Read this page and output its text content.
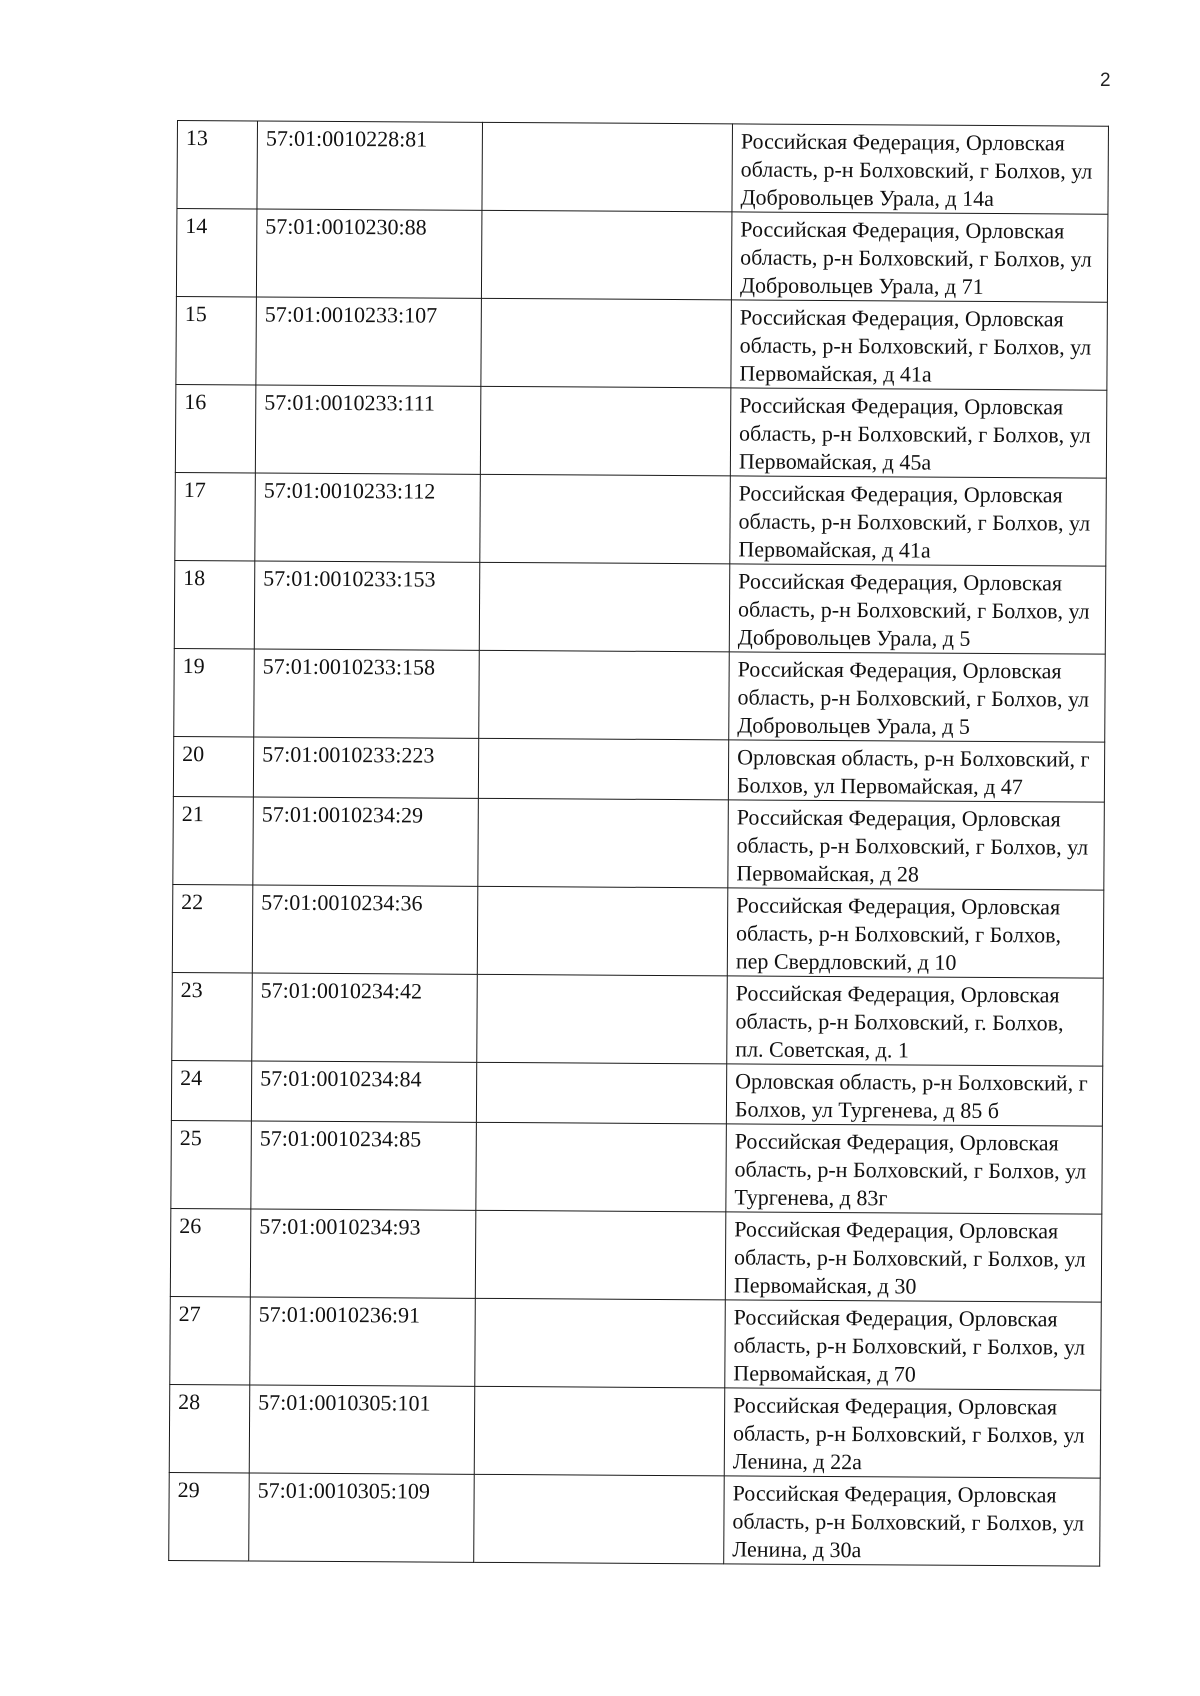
2
13	57:01:0010228:81		Российская Федерация, Орловская область, р-н Болховский, г Болхов, ул Добровольцев Урала, д 14а
14	57:01:0010230:88		Российская Федерация, Орловская область, р-н Болховский, г Болхов, ул Добровольцев Урала, д 71
15	57:01:0010233:107		Российская Федерация, Орловская область, р-н Болховский, г Болхов, ул Первомайская, д 41а
16	57:01:0010233:111		Российская Федерация, Орловская область, р-н Болховский, г Болхов, ул Первомайская, д 45а
17	57:01:0010233:112		Российская Федерация, Орловская область, р-н Болховский, г Болхов, ул Первомайская, д 41а
18	57:01:0010233:153		Российская Федерация, Орловская область, р-н Болховский, г Болхов, ул Добровольцев Урала, д 5
19	57:01:0010233:158		Российская Федерация, Орловская область, р-н Болховский, г Болхов, ул Добровольцев Урала, д 5
20	57:01:0010233:223		Орловская область, р-н Болховский, г Болхов, ул Первомайская, д 47
21	57:01:0010234:29		Российская Федерация, Орловская область, р-н Болховский, г Болхов, ул Первомайская, д 28
22	57:01:0010234:36		Российская Федерация, Орловская область, р-н Болховский, г Болхов, пер Свердловский, д 10
23	57:01:0010234:42		Российская Федерация, Орловская область, р-н Болховский, г. Болхов, пл. Советская, д. 1
24	57:01:0010234:84		Орловская область, р-н Болховский, г Болхов, ул Тургенева, д 85 б
25	57:01:0010234:85		Российская Федерация, Орловская область, р-н Болховский, г Болхов, ул Тургенева, д 83г
26	57:01:0010234:93		Российская Федерация, Орловская область, р-н Болховский, г Болхов, ул Первомайская, д 30
27	57:01:0010236:91		Российская Федерация, Орловская область, р-н Болховский, г Болхов, ул Первомайская, д 70
28	57:01:0010305:101		Российская Федерация, Орловская область, р-н Болховский, г Болхов, ул Ленина, д 22а
29	57:01:0010305:109		Российская Федерация, Орловская область, р-н Болховский, г Болхов, ул Ленина, д 30а
